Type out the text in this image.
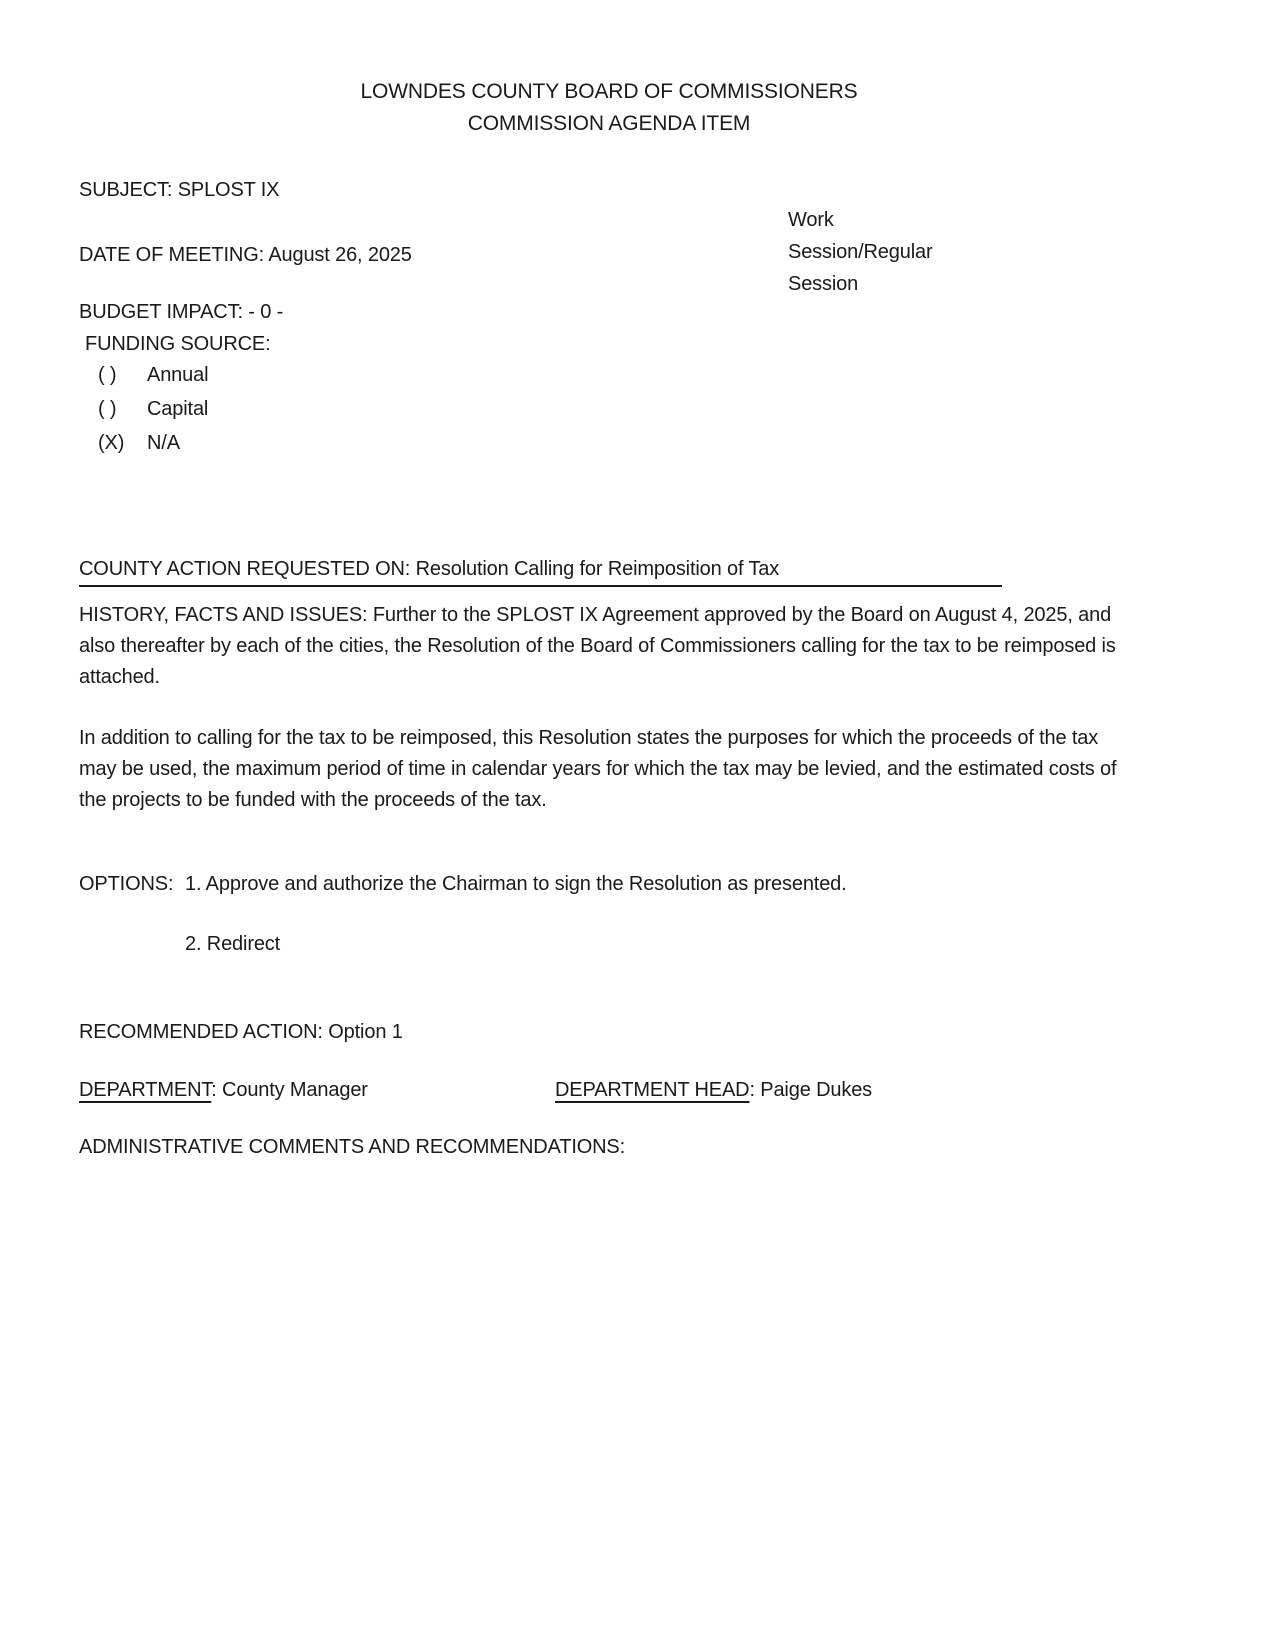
LOWNDES COUNTY BOARD OF COMMISSIONERS
COMMISSION AGENDA ITEM
SUBJECT: SPLOST IX
Work Session/Regular Session
DATE OF MEETING: August 26, 2025
BUDGET IMPACT: - 0 -
FUNDING SOURCE:
( ) Annual
( ) Capital
(X) N/A
COUNTY ACTION REQUESTED ON: Resolution Calling for Reimposition of Tax
HISTORY, FACTS AND ISSUES: Further to the SPLOST IX Agreement approved by the Board on August 4, 2025, and also thereafter by each of the cities, the Resolution of the Board of Commissioners calling for the tax to be reimposed is attached.
In addition to calling for the tax to be reimposed, this Resolution states the purposes for which the proceeds of the tax may be used, the maximum period of time in calendar years for which the tax may be levied, and the estimated costs of the projects to be funded with the proceeds of the tax.
OPTIONS: 1. Approve and authorize the Chairman to sign the Resolution as presented.
2. Redirect
RECOMMENDED ACTION: Option 1
DEPARTMENT: County Manager	DEPARTMENT HEAD: Paige Dukes
ADMINISTRATIVE COMMENTS AND RECOMMENDATIONS:
